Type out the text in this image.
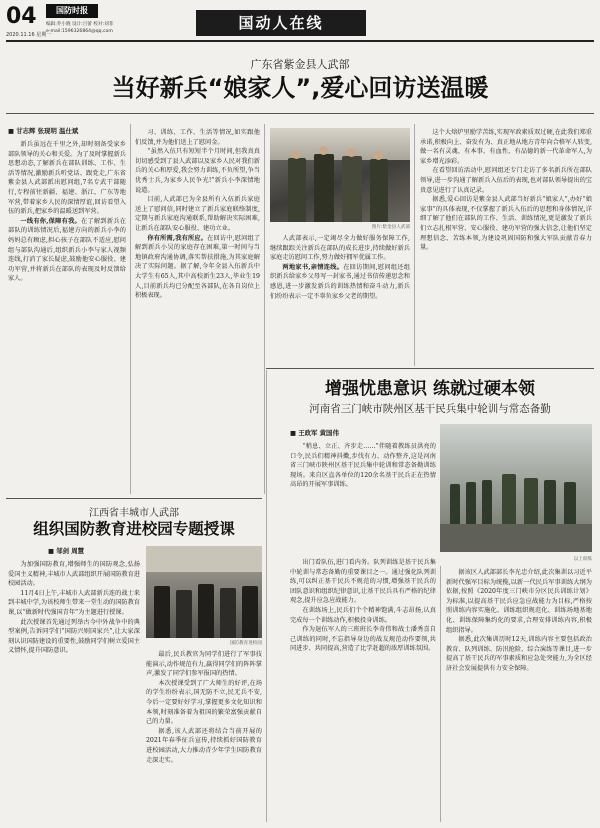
04
2020.11.16 星期一
国防时报
编辑:乔小晓 设计:吕蕾 校对:刘菲
e-mail:1596326864@qq.com	国动人在线
广东省紫金县人武部
当好新兵“娘家人”,爱心回访送温暖
■ 甘志辉 张现明 温仕斌

新兵虽远在千里之外,却时刻备受家乡部队领导的关心和关爱。为了及时掌握新兵思想动态,了解新兵在部队训练、工作、生活等情况,激励新兵听党话、跟党走,广东省紫金县人武部派出慰问组,7名专武干部随行,专程前往新疆、福建、浙江、广东等地军营,带着家乡人民的深情厚谊,回访看望入伍的新兵,把家乡的温暖送到军营。

一线有你,保障有我。在了解到新兵在部队的训练情况后,福建方向的新兵小李的妈妈总有顾虑,担心孩子在部队不适应,慰问组与部队沟通后,组织新兵小李与家人视频连线,打消了家长疑虑,鼓励他安心服役、建功军营,并将新兵在部队的表现及时反馈给家人。

习、训练、工作、生活等情况,如实跟他们反馈,并为他们送上了慰问金。

“虽然入伍只有短短半个月时间,但我真真切切感受到了县人武部以及家乡人民对我们新兵的关心和厚爱,我会努力训练,不负所望,争当优秀士兵,为家乡人民争光!”新兵小李深情地说道。

目前,人武部已为全县所有入伍新兵家庭送上了慰问信,同时建立了新兵家庭联络制度,定期与新兵家庭沟通联系,帮助解决实际困难,让新兵在部队安心服役、建功立业。

你有所需,我有所应。在回访中,慰问组了解到新兵小吴的家庭存在困难,第一时间与当地镇政府沟通协调,落实帮扶措施,为其家庭解决了实际问题。据了解,今年全县入伍新兵中大学生有65人,其中高校新生23人,毕业生19人,目前新兵均已分配至各部队,在各自岗位上积极表现。

图片:紫金县人武部

人武部表示,一定竭尽全力做好服务保障工作,继续跟踪关注新兵在部队的成长进步,持续做好新兵家庭走访慰问工作,努力做好拥军优属工作。

两地家书,亲情连线。在回访期间,慰问组还组织新兵给家乡父母写一封家书,通过书信传递思念和感恩,进一步激发新兵的训练热情和奋斗动力,新兵们纷纷表示一定不辜负家乡父老的期望。

这个大熔炉里励学苦练,实现军政素质双过硬,在此我们郑重承诺,积极向上、奋发有为、真正地从地方青年向合格军人转变,做一名有灵魂、有本事、有血性、有品德的新一代革命军人,为家乡增光添彩。

在看望回访活动中,慰问组还专门走访了多名新兵所在部队领导,进一步沟通了解新兵入伍后的表现,也对部队领导提出的宝贵意见进行了认真记录。

据悉,爱心回访是紫金县人武部当好新兵“娘家人”,办好“娘家事”的具体表现,不仅掌握了新兵入伍后的思想和身体情况,详细了解了他们在部队的工作、生活、训练情况,更是激发了新兵们立志扎根军营、安心服役、建功军营的强大信念,让他们坚定理想信念、苦练本领,为建设巩固国防和强大军队贡献青春力量。

增强忧患意识 练就过硬本领
河南省三门峡市陕州区基干民兵集中轮训与常态备勤
■ 王政军 黄国伟

“稍息、立正、齐步走……”伴随着教练员洪亮的口令,民兵们精神抖擞,步伐有力、动作整齐,这是河南省三门峡市陕州区基干民兵集中轮训和常态备勤训练现场。来自区直各单位的120余名基干民兵正在热情高昂的开展军事训练。

以上训练

出门看队伍,进门看内务。队列训练是基干民兵集中轮训与常态备勤的重要课目之一。通过强化队列训练,可以纠正基干民兵不规范的习惯,增强基干民兵的团队意识和组织纪律意识,让基干民兵具有严格的纪律观念,提升应急应战能力。

在训练场上,民兵们个个精神饱满,斗志昂扬,认真完成每一个训练动作,积极投身训练。

作为退伍军人的三班班长李奇伟和战士潘秀喜自己训练的同时,不忘指导身边的战友规范动作要领,共同进步、共同提高,营造了比学赶超的浓厚训练氛围。

据该区人武部部长李光忠介绍,此次集训以习近平新时代强军目标为统揽,以新一代民兵军事训练大纲为依据,按照《2020年度三门峡市分区民兵训练计划》为标准,以提高基干民兵应急应战能力为目标,严格按照训练内容实施化、训练组织规范化、训练场地基地化、训练保障集约化的要求,合理安排训练内容,积极组织指导。

据悉,此次集训历时12天,训练内容主要包括政治教育、队列训练、防汛抢险、综合演练等课目,进一步提高了基干民兵的军事素质和应急处突能力,为全区经济社会发展提供有力安全保障。

江西省丰城市人武部
组织国防教育进校园专题授课
■ 邹剑 周慧

为加强国防教育,增强师生的国防观念,弘扬爱国主义精神,丰城市人武部组织开展国防教育进校园活动。

11月4日上午,丰城市人武部新兵连的战士来到丰城中学,为该校师生带来一堂生动的国防教育课,以“做新时代强国青年”为主题进行授课。

此次授课首先通过列举古今中外战争中的典型案例,告诉同学们“国防兴则国家兴”,让大家深刻认识国防建设的重要性,鼓励同学们树立爱国主义情怀,提升国防意识。

国防教育进校园

最后,民兵教官为同学们进行了军事技能演示,动作规范有力,赢得同学们的阵阵掌声,激发了同学们参军报国的热情。

本次授课受到了广大师生的好评,在场的学生纷纷表示,国无防不立,民无兵不安,今后一定要好好学习,掌握更多文化知识和本领,时刻准备着为祖国的繁荣富强贡献自己的力量。

据悉,该人武部还将结合当前开展的2021年春季征兵宣传,持续抓好国防教育进校园活动,大力推动青少年学生国防教育走深走实。
